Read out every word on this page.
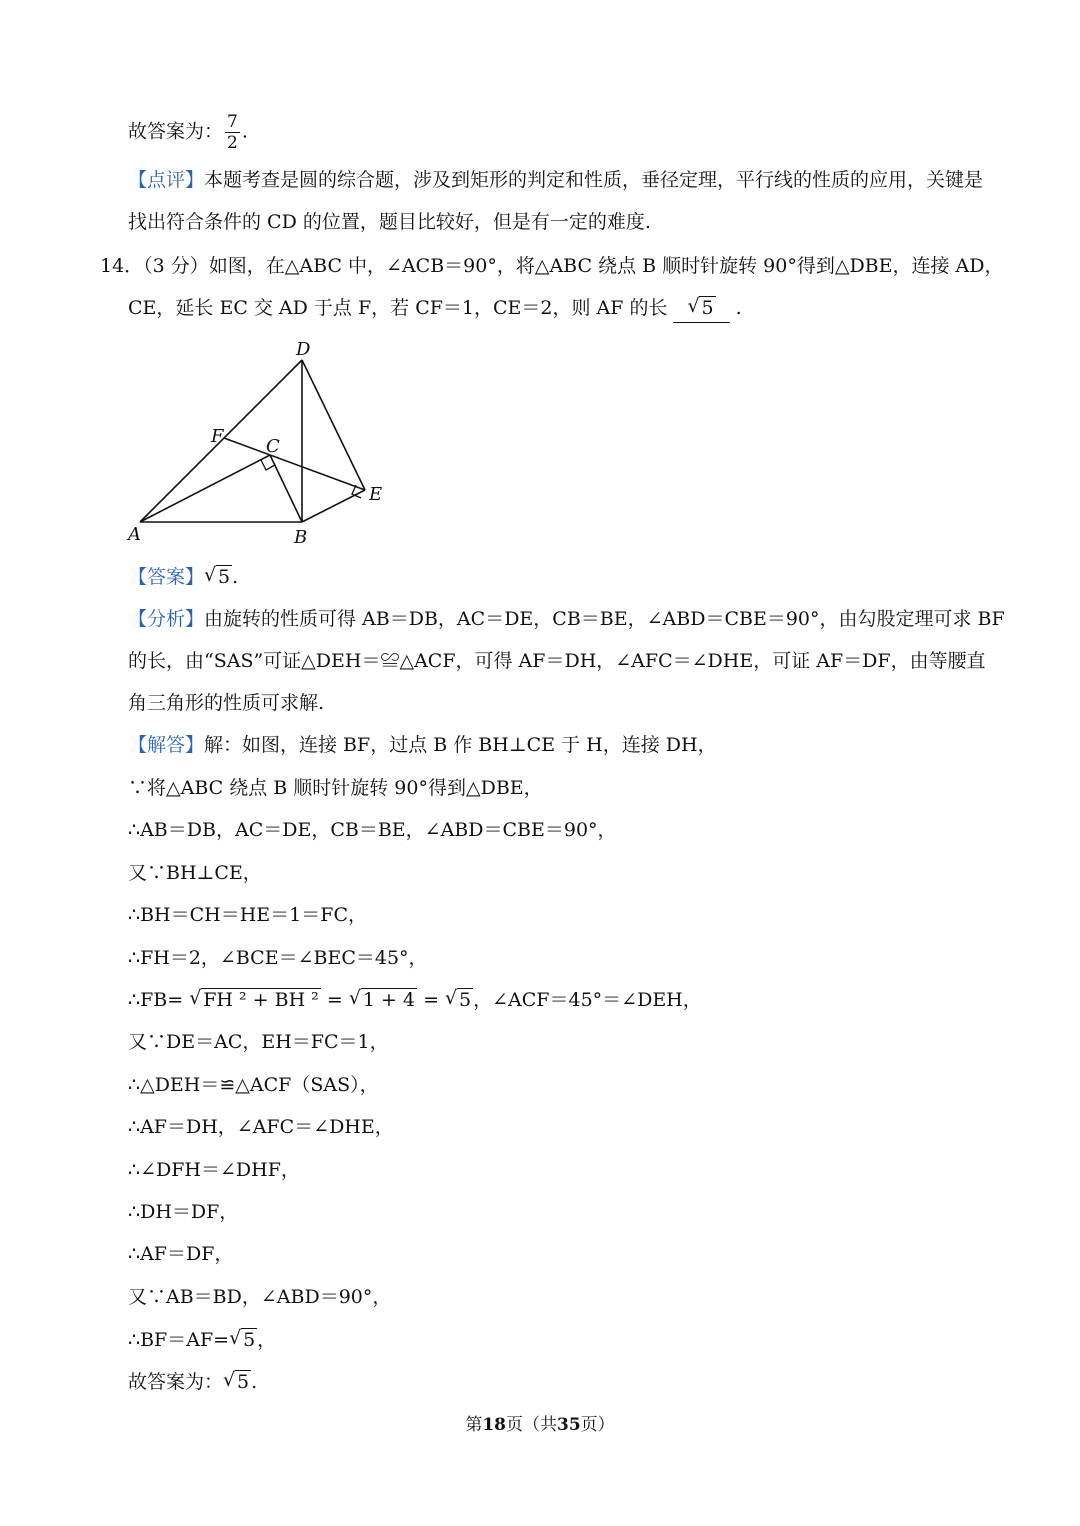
故答案为： $\frac{7}{2}$ .
【点评】本题考查是圆的综合题，涉及到矩形的判定和性质，垂径定理，平行线的性质的应用，关键是
找出符合条件的 CD 的位置，题目比较好，但是有一定的难度.
14．（3 分）如图，在△ABC 中，∠ACB＝90°，将△ABC 绕点 B 顺时针旋转 90°得到△DBE，连接 AD，
CE，延长 EC 交 AD 于点 F，若 CF＝1，CE＝2，则 AF 的长 √ 5 .
A	B
C
D
E
F
【答案】 √ 5 .
【分析】由旋转的性质可得 AB＝DB，AC＝DE，CB＝BE，∠ABD＝CBE＝90°，由勾股定理可求 BF
的长，由“SAS”可证△DEH＝≌△ACF，可得 AF＝DH，∠AFC＝∠DHE，可证 AF＝DF，由等腰直
角三角形的性质可求解.
【解答】解：如图，连接 BF，过点 B 作 BH⊥CE 于 H，连接 DH，
∵将△ABC 绕点 B 顺时针旋转 90°得到△DBE，
∴AB＝DB，AC＝DE，CB＝BE，∠ABD＝CBE＝90°，
又∵BH⊥CE，
∴BH＝CH＝HE＝1＝FC，
∴FH＝2，∠BCE＝∠BEC＝45°，
∴FB= √ FH ² + BH ² = √ 1 + 4 = √ 5 ，∠ACF＝45°＝∠DEH，
又∵DE＝AC，EH＝FC＝1，
∴△DEH＝≌△ACF（SAS），
∴AF＝DH，∠AFC＝∠DHE，
∴∠DFH＝∠DHF，
∴DH＝DF，
∴AF＝DF，
又∵AB＝BD，∠ABD＝90°，
∴BF＝AF= √ 5 ，
故答案为： √ 5 .
第18页（共35页）
